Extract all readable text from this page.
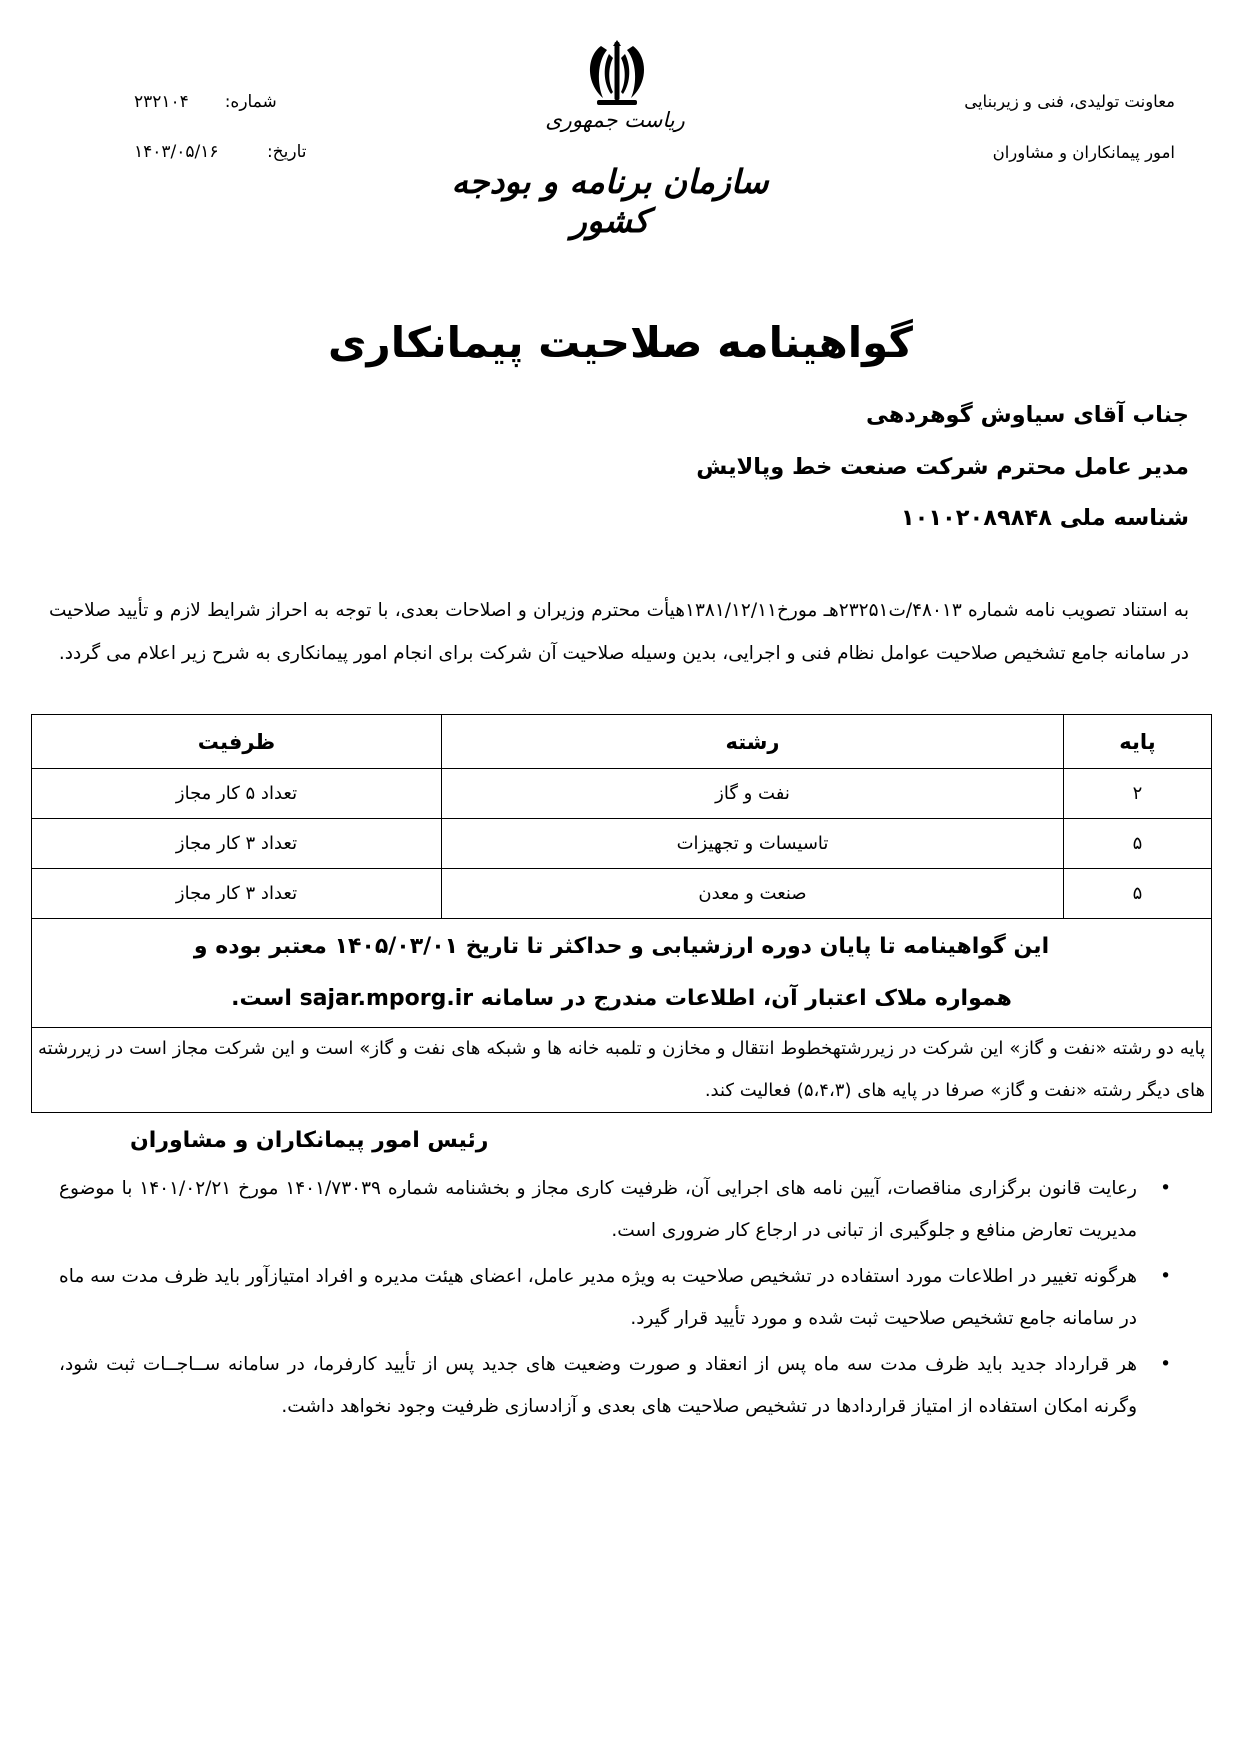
معاونت تولیدی، فنی و زیربنایی
امور پیمانکاران و مشاوران
شماره:۲۳۲۱۰۴
تاریخ:۱۴۰۳/۰۵/۱۶
ریاست جمهوری
سازمان برنامه و بودجه کشور
گواهینامه صلاحیت پیمانکاری
جناب آقای سیاوش گوهردهی
مدیر عامل محترم شرکت صنعت خط وپالایش
شناسه ملی ۱۰۱۰۲۰۸۹۸۴۸
به استناد تصویب نامه شماره ۴۸۰۱۳/ت۲۳۲۵۱هـ مورخ۱۳۸۱/۱۲/۱۱هیأت محترم وزیران و اصلاحات بعدی، با توجه به احراز شرایط لازم و تأیید صلاحیت در سامانه جامع تشخیص صلاحیت عوامل نظام فنی و اجرایی، بدین وسیله صلاحیت آن شرکت برای انجام امور پیمانکاری به شرح زیر اعلام می گردد.
پایه	رشته	ظرفیت
۲	نفت و گاز	تعداد ۵ کار مجاز
۵	تاسیسات و تجهیزات	تعداد ۳ کار مجاز
۵	صنعت و معدن	تعداد ۳ کار مجاز

این گواهینامه تا پایان دوره ارزشیابی و حداکثر تا تاریخ ۱۴۰۵/۰۳/۰۱ معتبر بوده و
همواره ملاک اعتبار آن، اطلاعات مندرج در سامانه sajar.mporg.ir است.		

پایه دو رشته «نفت و گاز» این شرکت در زیررشتهخطوط انتقال و مخازن و تلمبه خانه ها و شبکه های نفت و گاز» است و این شرکت مجاز است در زیررشته های دیگر رشته «نفت و گاز» صرفا در پایه های (۵،۴،۳) فعالیت کند.		
رئیس امور پیمانکاران و مشاوران
•
رعایت قانون برگزاری مناقصات، آیین نامه های اجرایی آن، ظرفیت کاری مجاز و بخشنامه شماره ۱۴۰۱/۷۳۰۳۹ مورخ ۱۴۰۱/۰۲/۲۱ با موضوع مدیریت تعارض منافع و جلوگیری از تبانی در ارجاع کار ضروری است.
•
هرگونه تغییر در اطلاعات مورد استفاده در تشخیص صلاحیت به ویژه مدیر عامل، اعضای هیئت مدیره و افراد امتیازآور باید ظرف مدت سه ماه در سامانه جامع تشخیص صلاحیت ثبت شده و مورد تأیید قرار گیرد.
•
هر قرارداد جدید باید ظرف مدت سه ماه پس از انعقاد و صورت وضعیت های جدید پس از تأیید کارفرما، در سامانه ســاجــات ثبت شود، وگرنه امکان استفاده از امتیاز قراردادها در تشخیص صلاحیت های بعدی و آزادسازی ظرفیت وجود نخواهد داشت.
